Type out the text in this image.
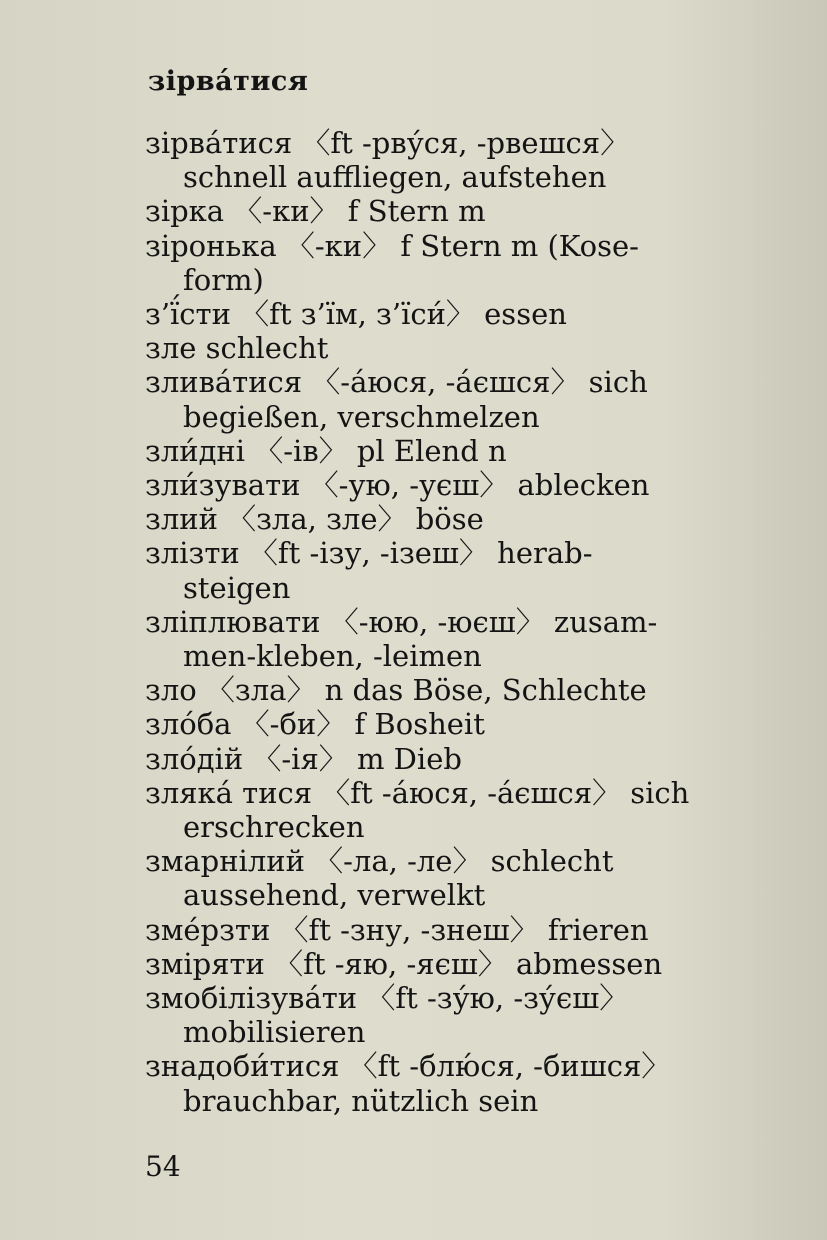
зірва́тися
зірва́тися 〈ft -рву́ся, -рвешся〉
schnell auffliegen, aufstehen
зірка 〈-ки〉 f Stern m
зіронька 〈-ки〉 f Stern m (Kose-
form)
з’ї́сти 〈ft з’їм, з’їси́〉 essen
зле schlecht
злива́тися 〈-а́юся, -а́єшся〉 sich
begießen, verschmelzen
зли́дні 〈-ів〉 pl Elend n
зли́зувати 〈-ую, -уєш〉 ablecken
злий 〈зла, зле〉 böse
злізти 〈ft -ізу, -ізеш〉 herab-
steigen
зліплювати 〈-юю, -юєш〉 zusam-
men-kleben, -leimen
зло 〈зла〉 n das Böse, Schlechte
зло́ба 〈-би〉 f Bosheit
зло́дій 〈-ія〉 m Dieb
злякá тися 〈ft -а́юся, -а́єшся〉 sich
erschrecken
змарнілий 〈-ла, -ле〉 schlecht
aussehend, verwelkt
зме́рзти 〈ft -зну, -знеш〉 frieren
зміряти 〈ft -яю, -яєш〉 abmessen
змобілізува́ти 〈ft -зу́ю, -зу́єш〉
mobilisieren
знадоби́тися 〈ft -блю́ся, -бишся〉
brauchbar, nützlich sein
54
